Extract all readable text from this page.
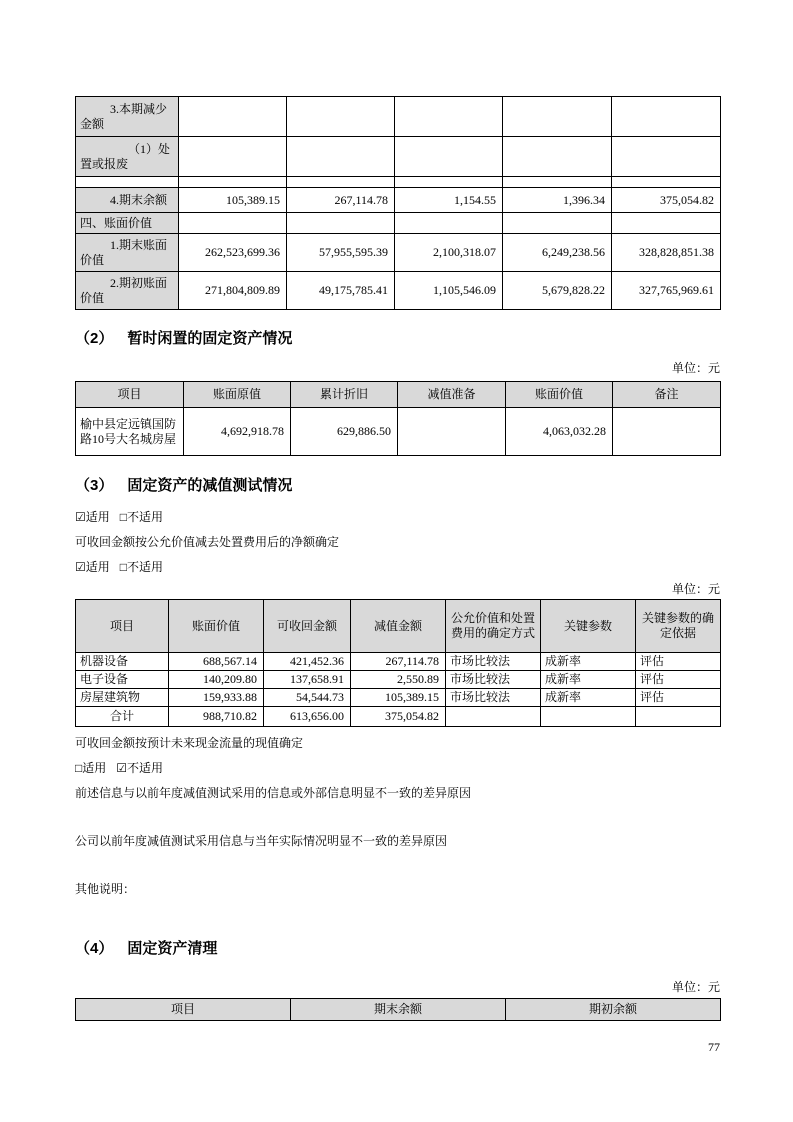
3.本期减少金额					
（1）处置或报废					

4.期末余额	105,389.15	267,114.78	1,154.55	1,396.34	375,054.82
四、账面价值					
1.期末账面价值	262,523,699.36	57,955,595.39	2,100,318.07	6,249,238.56	328,828,851.38
2.期初账面价值	271,804,809.89	49,175,785.41	1,105,546.09	5,679,828.22	327,765,969.61
（2） 暂时闲置的固定资产情况
单位：元
项目	账面原值	累计折旧	减值准备	账面价值	备注
榆中县定远镇国防路10号大名城房屋	4,692,918.78	629,886.50		4,063,032.28	
（3） 固定资产的减值测试情况
☑适用 □不适用
可收回金额按公允价值减去处置费用后的净额确定
☑适用 □不适用
单位：元
项目	账面价值	可收回金额	减值金额	公允价值和处置费用的确定方式	关键参数	关键参数的确定依据
机器设备	688,567.14	421,452.36	267,114.78	市场比较法	成新率	评估
电子设备	140,209.80	137,658.91	2,550.89	市场比较法	成新率	评估
房屋建筑物	159,933.88	54,544.73	105,389.15	市场比较法	成新率	评估
合计	988,710.82	613,656.00	375,054.82			
可收回金额按预计未来现金流量的现值确定
□适用 ☑不适用
前述信息与以前年度减值测试采用的信息或外部信息明显不一致的差异原因
公司以前年度减值测试采用信息与当年实际情况明显不一致的差异原因
其他说明：
（4） 固定资产清理
单位：元
项目	期末余额	期初余额
77
